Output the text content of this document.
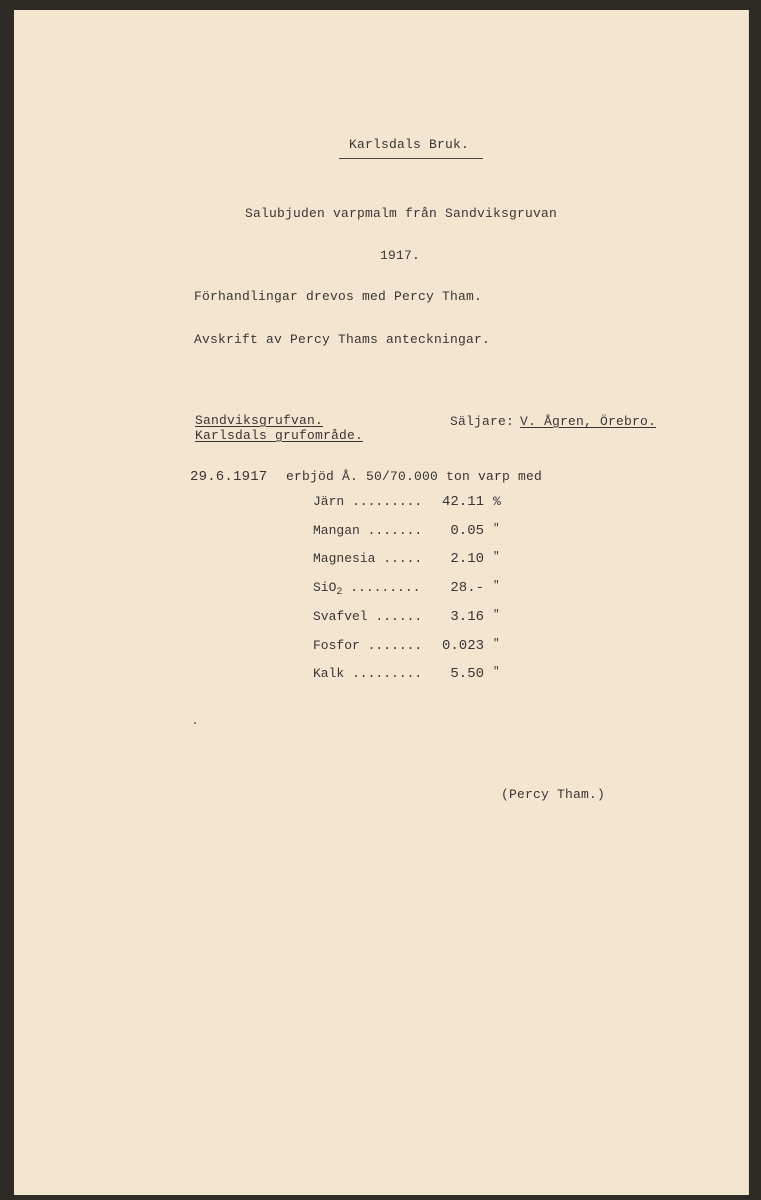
Karlsdals Bruk.
Salubjuden varpmalm från Sandviksgruvan
1917.
Förhandlingar drevos med Percy Tham.
Avskrift av Percy Thams anteckningar.
Sandviksgrufvan.
Karlsdals grufområde.
Säljare: V. Ågren, Örebro.
29.6.1917 erbjöd Å. 50/70.000 ton varp med
Järn .........	42.11 %
Mangan .......	0.05 "
Magnesia .....	2.10 "
SiO$_2$ .........	28.- "
Svafvel ......	3.16 "
Fosfor .......	0.023 "
Kalk .........	5.50 "
(Percy Tham.)
